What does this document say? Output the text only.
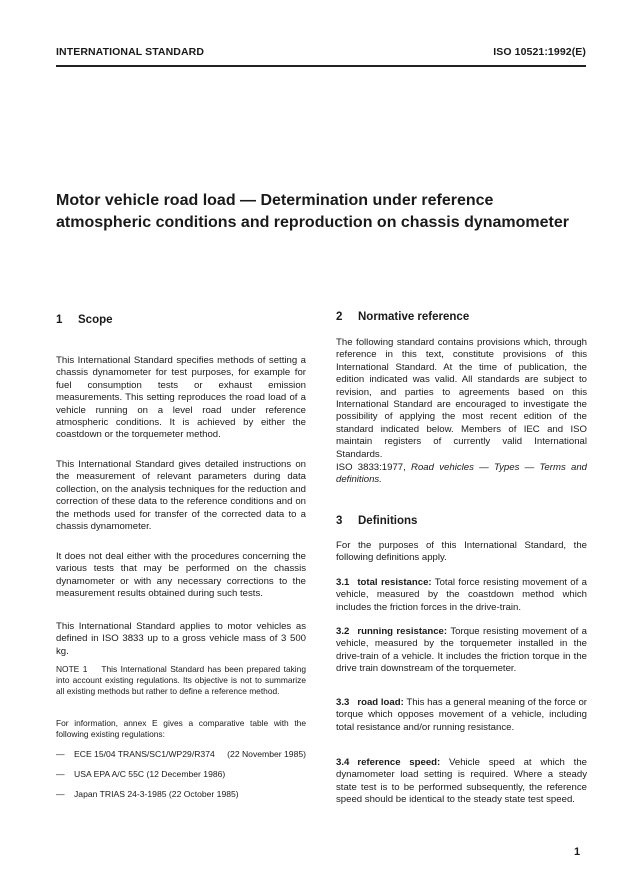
INTERNATIONAL STANDARD	ISO 10521:1992(E)
Motor vehicle road load — Determination under reference atmospheric conditions and reproduction on chassis dynamometer
1 Scope

This International Standard specifies methods of setting a chassis dynamometer for test purposes, for example for fuel consumption tests or exhaust emission measurements. This setting reproduces the road load of a vehicle running on a level road under reference atmospheric conditions. It is achieved by either the coastdown or the torquemeter method.

This International Standard gives detailed instructions on the measurement of relevant parameters during data collection, on the analysis techniques for the reduction and correction of these data to the reference conditions and on the methods used for transfer of the corrected data to a chassis dynamometer.

It does not deal either with the procedures concerning the various tests that may be performed on the chassis dynamometer or with any necessary corrections to the measurement results obtained during such tests.

This International Standard applies to motor vehicles as defined in ISO 3833 up to a gross vehicle mass of 3 500 kg.

NOTE 1 This International Standard has been prepared taking into account existing regulations. Its objective is not to summarize all existing methods but rather to define a reference method.

For information, annex E gives a comparative table with the following existing regulations:

— ECE 15/04 TRANS/SC1/WP29/R374 (22 November 1985)
— USA EPA A/C 55C (12 December 1986)
— Japan TRIAS 24-3-1985 (22 October 1985)
2 Normative reference

The following standard contains provisions which, through reference in this text, constitute provisions of this International Standard. At the time of publication, the edition indicated was valid. All standards are subject to revision, and parties to agreements based on this International Standard are encouraged to investigate the possibility of applying the most recent edition of the standard indicated below. Members of IEC and ISO maintain registers of currently valid International Standards.

ISO 3833:1977, Road vehicles — Types — Terms and definitions.

3 Definitions

For the purposes of this International Standard, the following definitions apply.

3.1 total resistance: Total force resisting movement of a vehicle, measured by the coastdown method which includes the friction forces in the drive-train.

3.2 running resistance: Torque resisting movement of a vehicle, measured by the torquemeter installed in the drive-train of a vehicle. It includes the friction torque in the drive train downstream of the torquemeter.

3.3 road load: This has a general meaning of the force or torque which opposes movement of a vehicle, including total resistance and/or running resistance.

3.4 reference speed: Vehicle speed at which the dynamometer load setting is required. Where a steady state test is to be performed subsequently, the reference speed should be identical to the steady state test speed.

1
